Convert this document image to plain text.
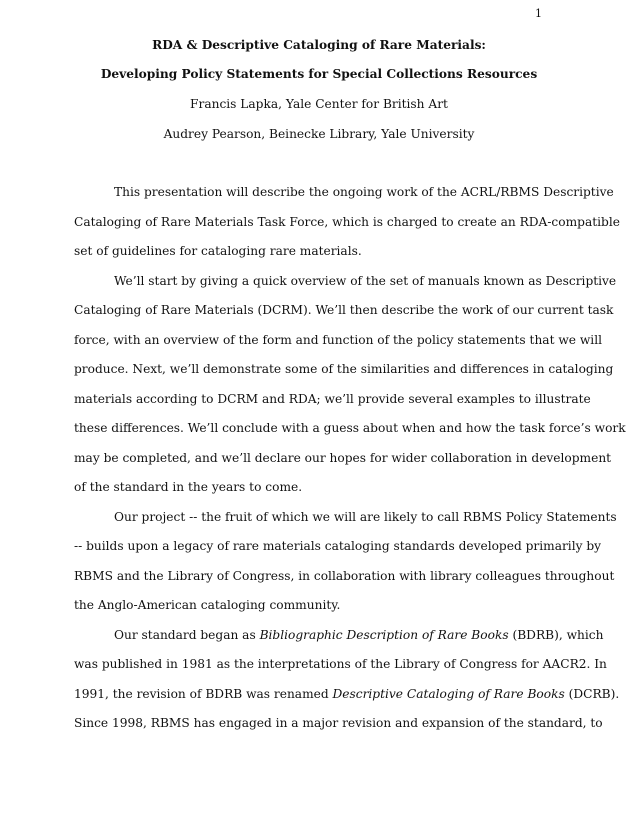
1
RDA & Descriptive Cataloging of Rare Materials:
Developing Policy Statements for Special Collections Resources
Francis Lapka, Yale Center for British Art
Audrey Pearson, Beinecke Library, Yale University

This presentation will describe the ongoing work of the ACRL/RBMS Descriptive
Cataloging of Rare Materials Task Force, which is charged to create an RDA-compatible
set of guidelines for cataloging rare materials.

We’ll start by giving a quick overview of the set of manuals known as Descriptive
Cataloging of Rare Materials (DCRM). We’ll then describe the work of our current task
force, with an overview of the form and function of the policy statements that we will
produce. Next, we’ll demonstrate some of the similarities and differences in cataloging
materials according to DCRM and RDA; we’ll provide several examples to illustrate
these differences. We’ll conclude with a guess about when and how the task force’s work
may be completed, and we’ll declare our hopes for wider collaboration in development
of the standard in the years to come.

Our project -- the fruit of which we will are likely to call RBMS Policy Statements
-- builds upon a legacy of rare materials cataloging standards developed primarily by
RBMS and the Library of Congress, in collaboration with library colleagues throughout
the Anglo-American cataloging community.

Our standard began as Bibliographic Description of Rare Books (BDRB), which
was published in 1981 as the interpretations of the Library of Congress for AACR2. In
1991, the revision of BDRB was renamed Descriptive Cataloging of Rare Books (DCRB).
Since 1998, RBMS has engaged in a major revision and expansion of the standard, to
